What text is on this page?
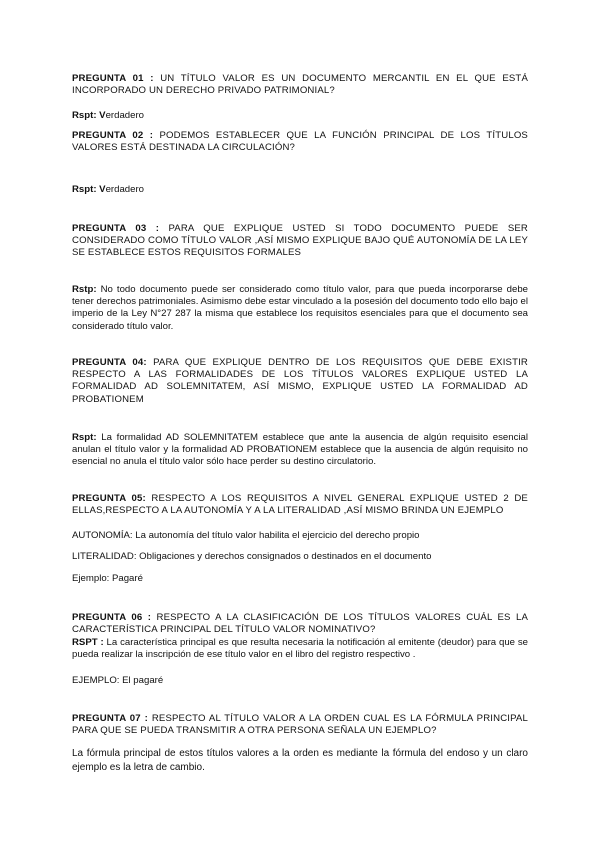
PREGUNTA 01 : UN TÍTULO VALOR ES UN DOCUMENTO MERCANTIL EN EL QUE ESTÁ INCORPORADO UN DERECHO PRIVADO PATRIMONIAL?
Rspt: Verdadero
PREGUNTA 02 : PODEMOS ESTABLECER QUE LA FUNCIÓN PRINCIPAL DE LOS TÍTULOS VALORES ESTÁ DESTINADA LA CIRCULACIÓN?
Rspt: Verdadero
PREGUNTA 03 : PARA QUE EXPLIQUE USTED SI TODO DOCUMENTO PUEDE SER CONSIDERADO COMO TÍTULO VALOR ,ASÍ MISMO EXPLIQUE BAJO QUÉ AUTONOMÍA DE LA LEY SE ESTABLECE ESTOS REQUISITOS FORMALES
Rstp: No todo documento puede ser considerado como título valor, para que pueda incorporarse debe tener derechos patrimoniales. Asimismo debe estar vinculado a la posesión del documento todo ello bajo el imperio de la Ley N°27 287 la misma que establece los requisitos esenciales para que el documento sea considerado título valor.
PREGUNTA 04: PARA QUE EXPLIQUE DENTRO DE LOS REQUISITOS QUE DEBE EXISTIR RESPECTO A LAS FORMALIDADES DE LOS TÍTULOS VALORES EXPLIQUE USTED LA FORMALIDAD AD SOLEMNITATEM, ASÍ MISMO, EXPLIQUE USTED LA FORMALIDAD AD PROBATIONEM
Rspt: La formalidad AD SOLEMNITATEM establece que ante la ausencia de algún requisito esencial anulan el título valor y la formalidad AD PROBATIONEM establece que la ausencia de algún requisito no esencial no anula el título valor sólo hace perder su destino circulatorio.
PREGUNTA 05: RESPECTO A LOS REQUISITOS A NIVEL GENERAL EXPLIQUE USTED 2 DE ELLAS,RESPECTO A LA AUTONOMÍA Y A LA LITERALIDAD ,ASÍ MISMO BRINDA UN EJEMPLO
AUTONOMÍA: La autonomía del título valor habilita el ejercicio del derecho propio
LITERALIDAD: Obligaciones y derechos consignados o destinados en el documento
Ejemplo: Pagaré
PREGUNTA 06 : RESPECTO A LA CLASIFICACIÓN DE LOS TÍTULOS VALORES CUÁL ES LA CARACTERÍSTICA PRINCIPAL DEL TÍTULO VALOR NOMINATIVO?
RSPT : La característica principal es que resulta necesaria la notificación al emitente (deudor) para que se pueda realizar la inscripción de ese título valor en el libro del registro respectivo .
EJEMPLO: El pagaré
PREGUNTA 07 : RESPECTO AL TÍTULO VALOR A LA ORDEN CUAL ES LA FÓRMULA PRINCIPAL PARA QUE SE PUEDA TRANSMITIR A OTRA PERSONA SEÑALA UN EJEMPLO?
La fórmula principal de estos títulos valores a la orden es mediante la fórmula del endoso y un claro ejemplo es la letra de cambio.
